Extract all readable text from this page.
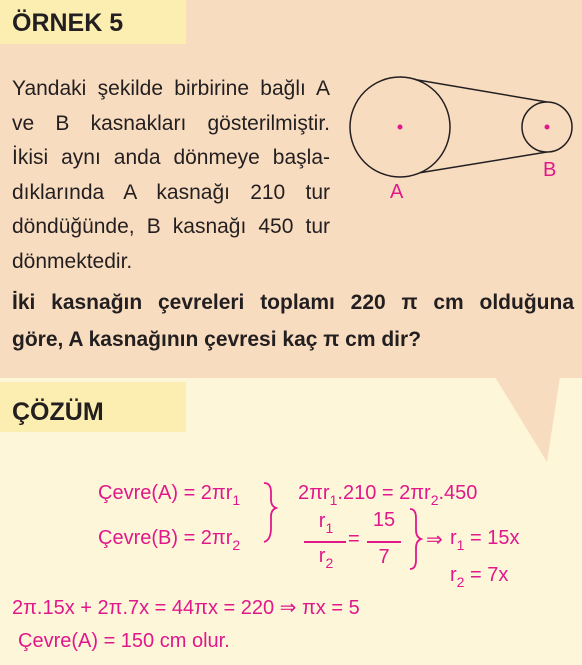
ÖRNEK 5

Yandaki şekilde birbirine bağlı A
ve B kasnakları gösterilmiştir.
İkisi aynı anda dönmeye başla-
dıklarında A kasnağı 210 tur
döndüğünde, B kasnağı 450 tur
dönmektedir.

A
B

İki kasnağın çevreleri toplamı 220 π cm olduğuna
göre, A kasnağının çevresi kaç π cm dir?

ÇÖZÜM
Çevre(A) = $2\pi r_1$
Çevre(B) = $2\pi r_2$
$2\pi r_1.210 = 2\pi r_2.450$
$r_1$
$r_2$
=
15
7
⇒ $r_1 = 15x$
$r_2 = 7x$
2π.15x + 2π.7x = 44πx = 220 ⇒ πx = 5
Çevre(A) = 150 cm olur.
